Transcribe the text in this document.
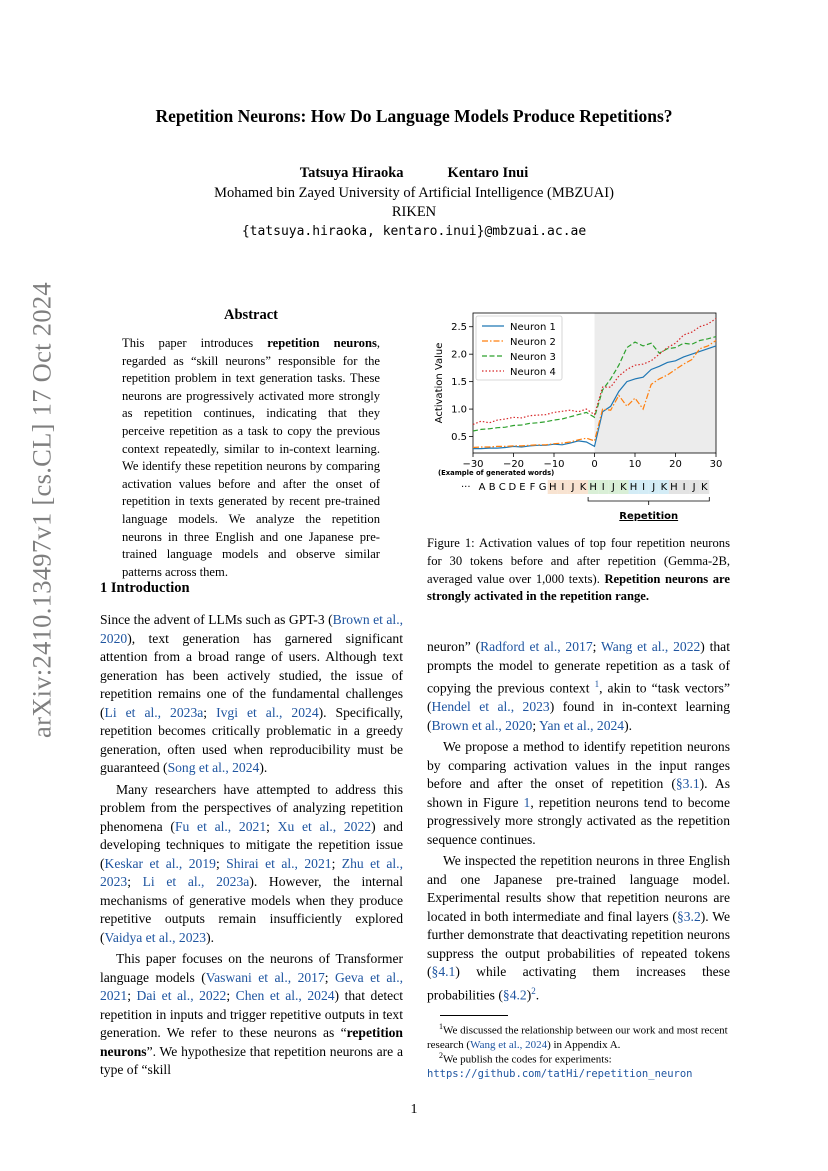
arXiv:2410.13497v1 [cs.CL] 17 Oct 2024
Repetition Neurons: How Do Language Models Produce Repetitions?
Tatsuya Hiraoka	Kentaro Inui
Mohamed bin Zayed University of Artificial Intelligence (MBZUAI)
RIKEN
{tatsuya.hiraoka, kentaro.inui}@mbzuai.ac.ae
Abstract
This paper introduces repetition neurons, regarded as “skill neurons” responsible for the repetition problem in text generation tasks. These neurons are progressively activated more strongly as repetition continues, indicating that they perceive repetition as a task to copy the previous context repeatedly, similar to in-context learning. We identify these repetition neurons by comparing activation values before and after the onset of repetition in texts generated by recent pre-trained language models. We analyze the repetition neurons in three English and one Japanese pre-trained language models and observe similar patterns across them.
1 Introduction

Since the advent of LLMs such as GPT-3 (Brown et al., 2020), text generation has garnered significant attention from a broad range of users. Although text generation has been actively studied, the issue of repetition remains one of the fundamental challenges (Li et al., 2023a; Ivgi et al., 2024). Specifically, repetition becomes critically problematic in a greedy generation, often used when reproducibility must be guaranteed (Song et al., 2024).

Many researchers have attempted to address this problem from the perspectives of analyzing repetition phenomena (Fu et al., 2021; Xu et al., 2022) and developing techniques to mitigate the repetition issue (Keskar et al., 2019; Shirai et al., 2021; Zhu et al., 2023; Li et al., 2023a). However, the internal mechanisms of generative models when they produce repetitive outputs remain insufficiently explored (Vaidya et al., 2023).

This paper focuses on the neurons of Transformer language models (Vaswani et al., 2017; Geva et al., 2021; Dai et al., 2022; Chen et al., 2024) that detect repetition in inputs and trigger repetitive outputs in text generation. We refer to these neurons as “repetition neurons”. We hypothesize that repetition neurons are a type of “skill

−30 −20 −10	0	10	20	30
0.5
1.0
1.5
2.0
2.5
Activation Value
Neuron 1
Neuron 2
Neuron 3
Neuron 4
(Example of generated words)
··· A B C D E F G H I J K H I J K H I J K H I J K
Repetition
Figure 1: Activation values of top four repetition neurons for 30 tokens before and after repetition (Gemma-2B, averaged value over 1,000 texts). Repetition neurons are strongly activated in the repetition range.

neuron” (Radford et al., 2017; Wang et al., 2022) that prompts the model to generate repetition as a task of copying the previous context $^1$, akin to “task vectors” (Hendel et al., 2023) found in in-context learning (Brown et al., 2020; Yan et al., 2024).

We propose a method to identify repetition neurons by comparing activation values in the input ranges before and after the onset of repetition (§3.1). As shown in Figure 1, repetition neurons tend to become progressively more strongly activated as the repetition sequence continues.

We inspected the repetition neurons in three English and one Japanese pre-trained language model. Experimental results show that repetition neurons are located in both intermediate and final layers (§3.2). We further demonstrate that deactivating repetition neurons suppress the output probabilities of repeated tokens (§4.1) while activating them increases these probabilities (§4.2)$^2$.

$^1$We discussed the relationship between our work and most recent research (Wang et al., 2024) in Appendix A.
$^2$We publish the codes for experiments: https://github.com/tatHi/repetition_neuron
1
